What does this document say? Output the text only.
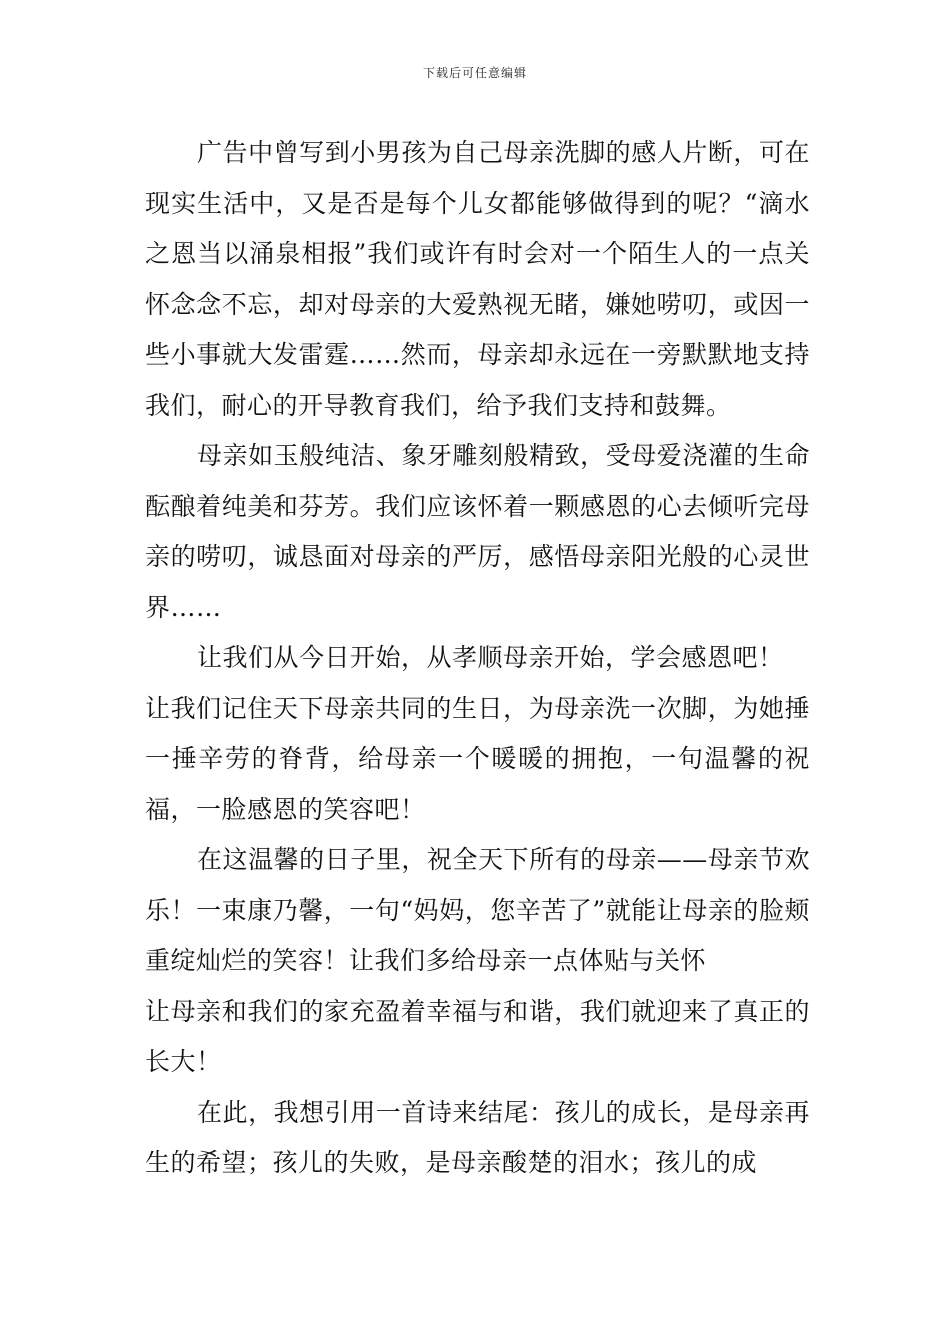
下载后可任意编辑

广告中曾写到小男孩为自己母亲洗脚的感人片断，可在现实生活中，又是否是每个儿女都能够做得到的呢？“滴水之恩当以涌泉相报”我们或许有时会对一个陌生人的一点关怀念念不忘，却对母亲的大爱熟视无睹，嫌她唠叨，或因一些小事就大发雷霆……然而，母亲却永远在一旁默默地支持我们，耐心的开导教育我们，给予我们支持和鼓舞。

母亲如玉般纯洁、象牙雕刻般精致，受母爱浇灌的生命酝酿着纯美和芬芳。我们应该怀着一颗感恩的心去倾听完母亲的唠叨，诚恳面对母亲的严厉，感悟母亲阳光般的心灵世界……

让我们从今日开始，从孝顺母亲开始，学会感恩吧！

让我们记住天下母亲共同的生日，为母亲洗一次脚，为她捶一捶辛劳的脊背，给母亲一个暖暖的拥抱，一句温馨的祝福，一脸感恩的笑容吧！

在这温馨的日子里，祝全天下所有的母亲——母亲节欢乐！一束康乃馨，一句“妈妈，您辛苦了”就能让母亲的脸颊重绽灿烂的笑容！让我们多给母亲一点体贴与关怀

让母亲和我们的家充盈着幸福与和谐，我们就迎来了真正的长大！

在此，我想引用一首诗来结尾：孩儿的成长，是母亲再生的希望；孩儿的失败，是母亲酸楚的泪水；孩儿的成
